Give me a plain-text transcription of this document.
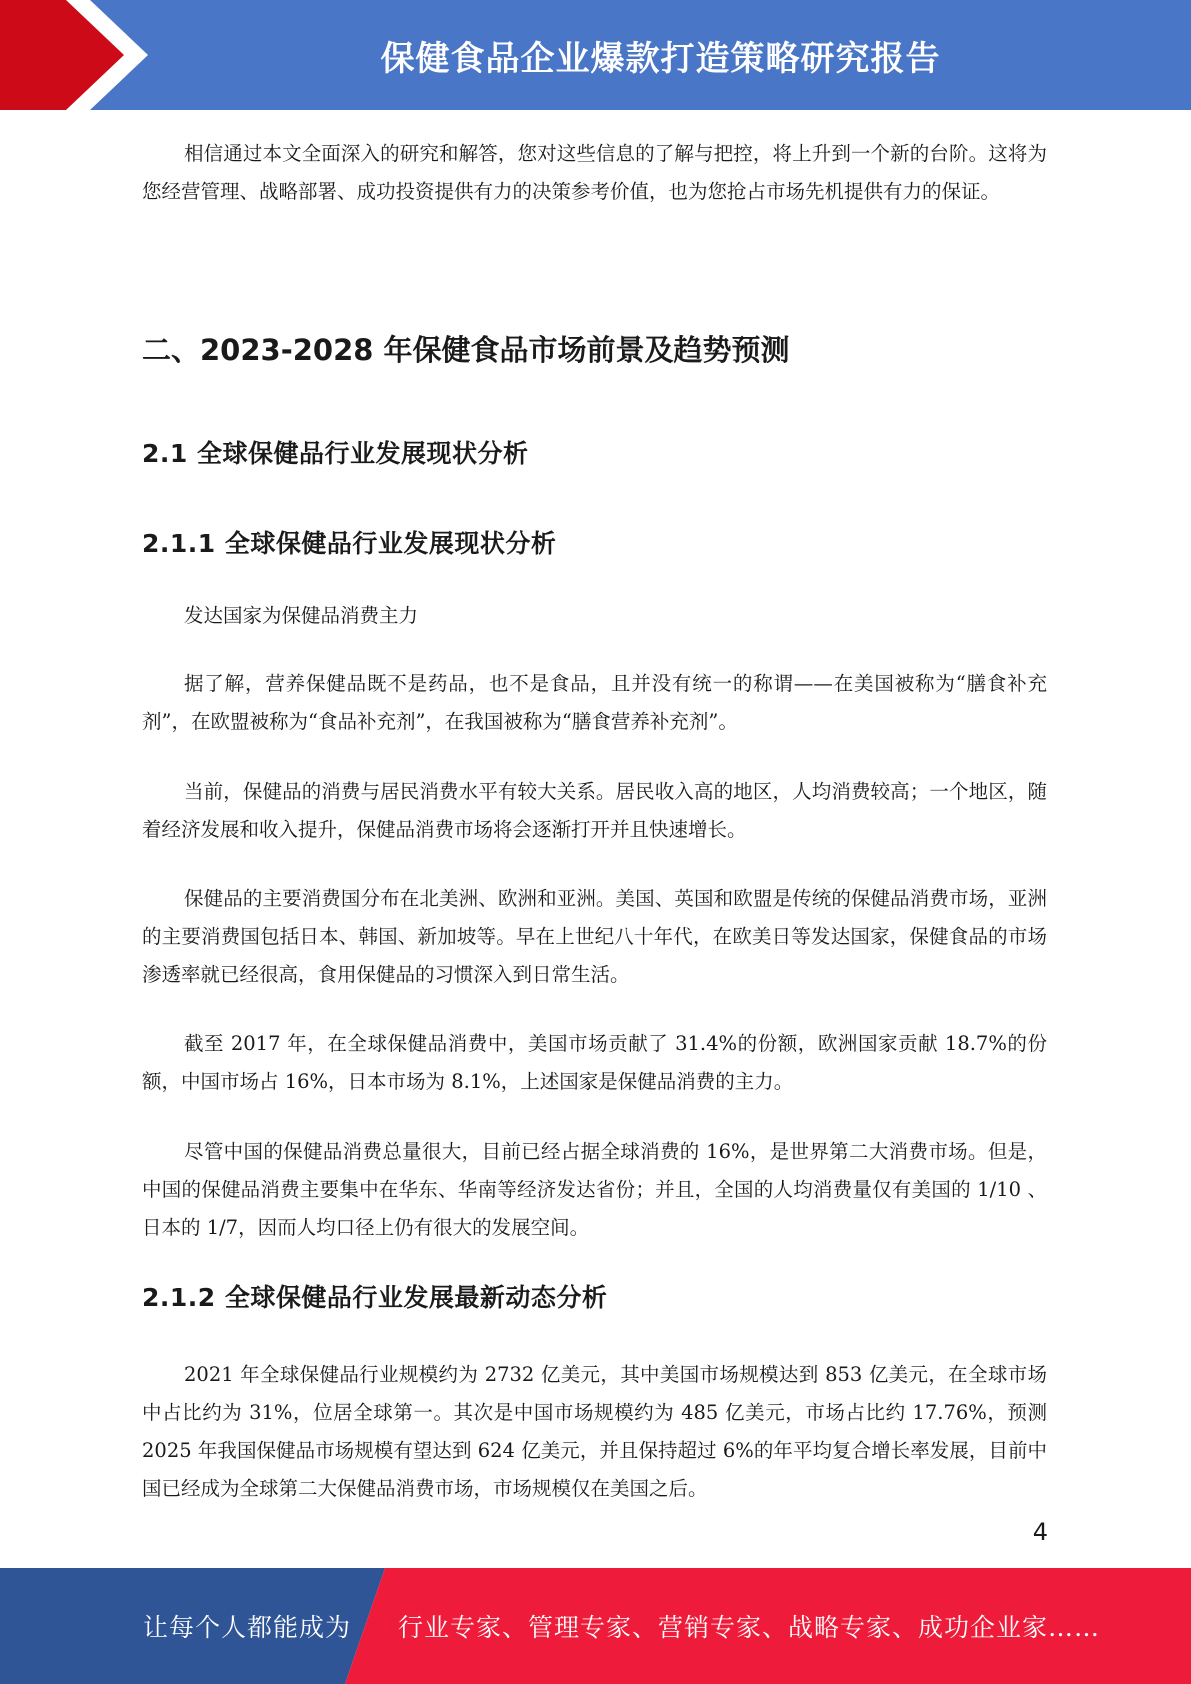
保健食品企业爆款打造策略研究报告

相信通过本文全面深入的研究和解答，您对这些信息的了解与把控，将上升到一个新的台阶。这将为您经营管理、战略部署、成功投资提供有力的决策参考价值，也为您抢占市场先机提供有力的保证。

二、2023-2028 年保健食品市场前景及趋势预测
2.1 全球保健品行业发展现状分析
2.1.1 全球保健品行业发展现状分析

发达国家为保健品消费主力

据了解，营养保健品既不是药品，也不是食品，且并没有统一的称谓——在美国被称为“膳食补充剂”，在欧盟被称为“食品补充剂”，在我国被称为“膳食营养补充剂”。

当前，保健品的消费与居民消费水平有较大关系。居民收入高的地区，人均消费较高；一个地区，随着经济发展和收入提升，保健品消费市场将会逐渐打开并且快速增长。

保健品的主要消费国分布在北美洲、欧洲和亚洲。美国、英国和欧盟是传统的保健品消费市场，亚洲的主要消费国包括日本、韩国、新加坡等。早在上世纪八十年代，在欧美日等发达国家，保健食品的市场渗透率就已经很高，食用保健品的习惯深入到日常生活。

截至 2017 年，在全球保健品消费中，美国市场贡献了 31.4%的份额，欧洲国家贡献 18.7%的份额，中国市场占 16%，日本市场为 8.1%，上述国家是保健品消费的主力。

尽管中国的保健品消费总量很大，目前已经占据全球消费的 16%，是世界第二大消费市场。但是，中国的保健品消费主要集中在华东、华南等经济发达省份；并且，全国的人均消费量仅有美国的 1/10 、日本的 1/7，因而人均口径上仍有很大的发展空间。

2.1.2 全球保健品行业发展最新动态分析

2021 年全球保健品行业规模约为 2732 亿美元，其中美国市场规模达到 853 亿美元，在全球市场中占比约为 31%，位居全球第一。其次是中国市场规模约为 485 亿美元，市场占比约 17.76%，预测 2025 年我国保健品市场规模有望达到 624 亿美元，并且保持超过 6%的年平均复合增长率发展，目前中国已经成为全球第二大保健品消费市场，市场规模仅在美国之后。

4
让每个人都能成为 行业专家、管理专家、营销专家、战略专家、成功企业家……
